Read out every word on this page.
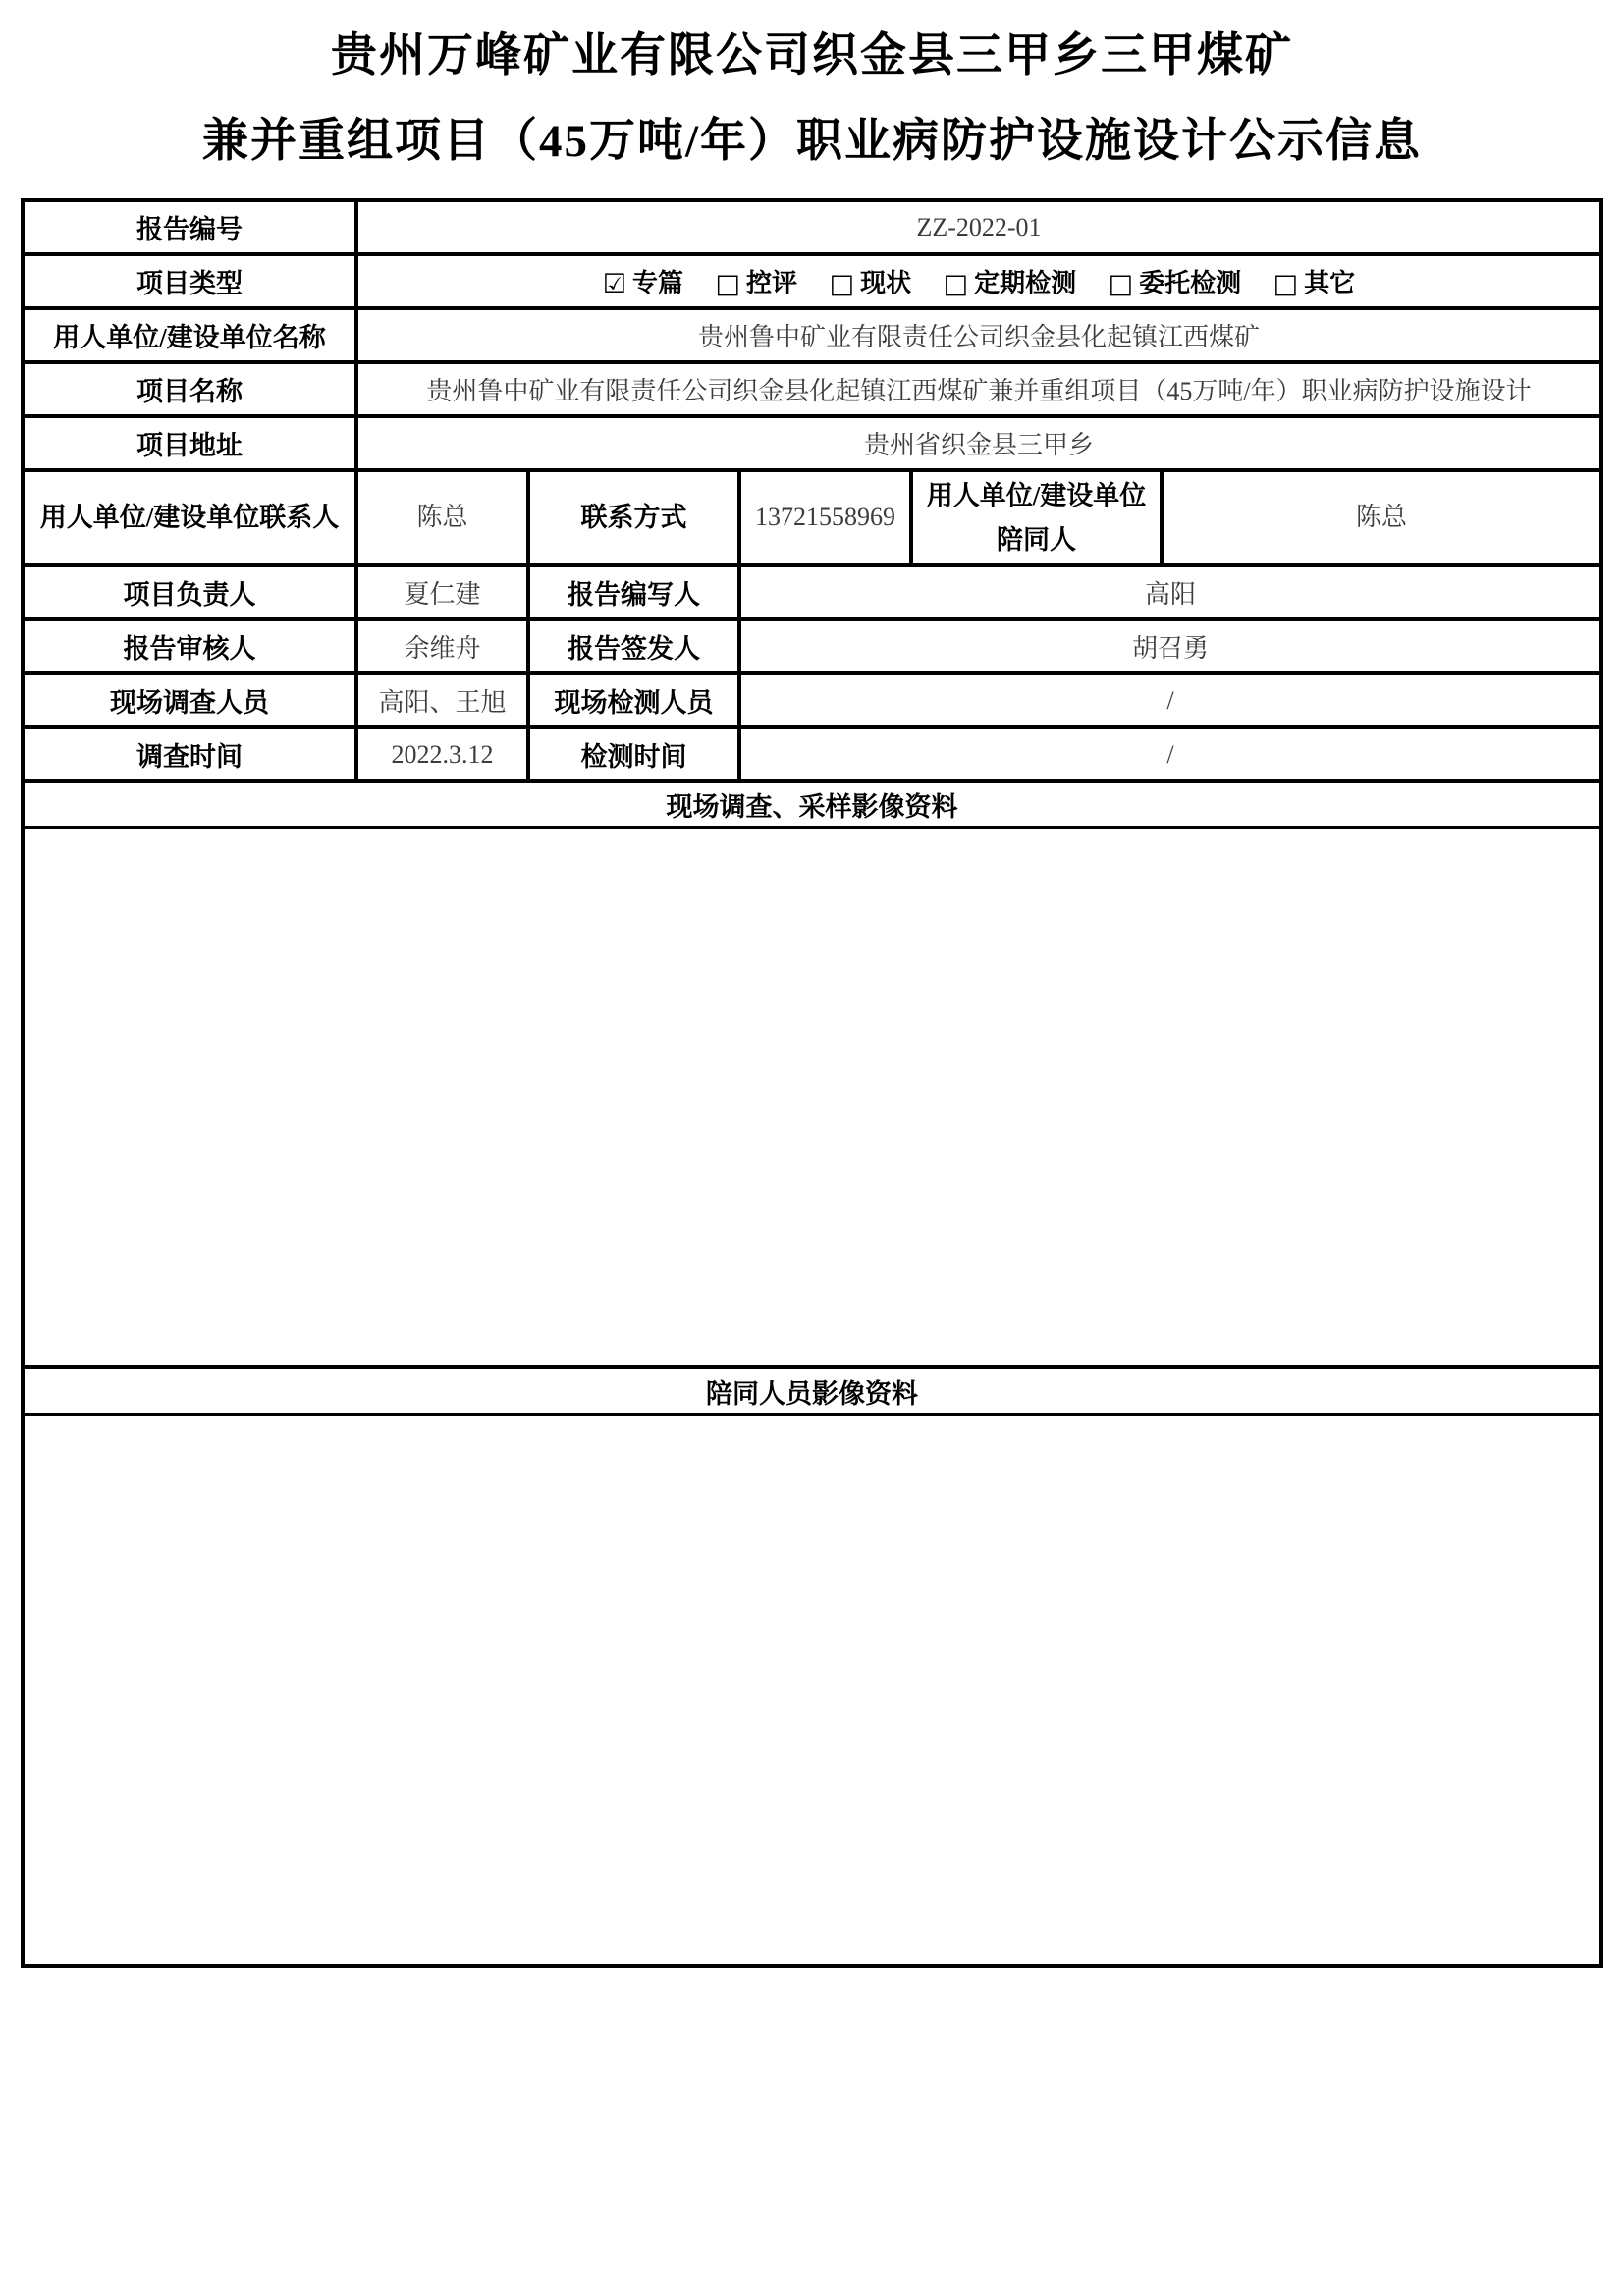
贵州万峰矿业有限公司织金县三甲乡三甲煤矿
兼并重组项目（45万吨/年）职业病防护设施设计公示信息
报告编号	ZZ-2022-01				
项目类型	☑ 专篇 □ 控评 □ 现状 □ 定期检测 □ 委托检测 □ 其它				
用人单位/建设单位名称	贵州鲁中矿业有限责任公司织金县化起镇江西煤矿				
项目名称	贵州鲁中矿业有限责任公司织金县化起镇江西煤矿兼并重组项目（45万吨/年）职业病防护设施设计				
项目地址	贵州省织金县三甲乡				
用人单位/建设单位联系人	陈总	联系方式	13721558969	用人单位/建设单位陪同人	陈总
项目负责人	夏仁建	报告编写人	高阳		
报告审核人	余维舟	报告签发人	胡召勇		
现场调查人员	高阳、王旭	现场检测人员	/		
调查时间	2022.3.12	检测时间	/		
现场调查、采样影像资料					

陪同人员影像资料					
